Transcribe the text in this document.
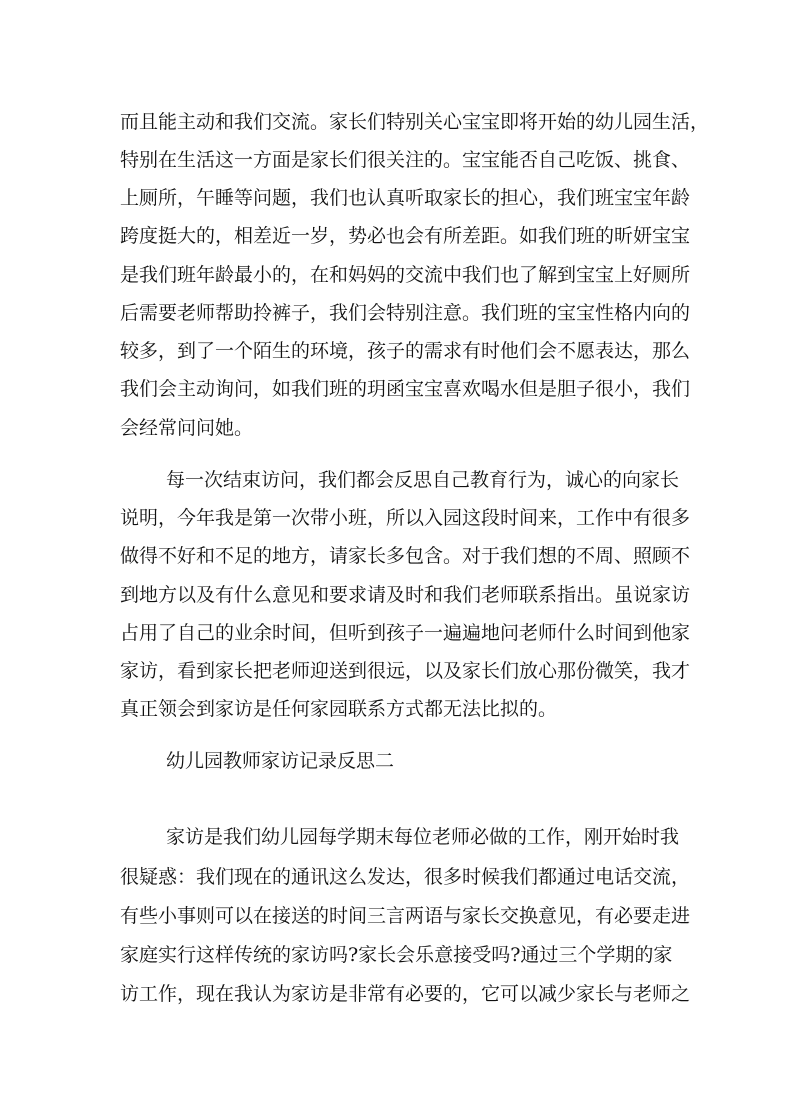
而且能主动和我们交流。家长们特别关心宝宝即将开始的幼儿园生活，
特别在生活这一方面是家长们很关注的。宝宝能否自己吃饭、挑食、
上厕所，午睡等问题，我们也认真听取家长的担心，我们班宝宝年龄
跨度挺大的，相差近一岁，势必也会有所差距。如我们班的昕妍宝宝
是我们班年龄最小的，在和妈妈的交流中我们也了解到宝宝上好厕所
后需要老师帮助拎裤子，我们会特别注意。我们班的宝宝性格内向的
较多，到了一个陌生的环境，孩子的需求有时他们会不愿表达，那么
我们会主动询问，如我们班的玥函宝宝喜欢喝水但是胆子很小，我们
会经常问问她。
每一次结束访问，我们都会反思自己教育行为，诚心的向家长
说明，今年我是第一次带小班，所以入园这段时间来，工作中有很多
做得不好和不足的地方，请家长多包含。对于我们想的不周、照顾不
到地方以及有什么意见和要求请及时和我们老师联系指出。虽说家访
占用了自己的业余时间，但听到孩子一遍遍地问老师什么时间到他家
家访，看到家长把老师迎送到很远，以及家长们放心那份微笑，我才
真正领会到家访是任何家园联系方式都无法比拟的。
幼儿园教师家访记录反思二
家访是我们幼儿园每学期末每位老师必做的工作，刚开始时我
很疑惑：我们现在的通讯这么发达，很多时候我们都通过电话交流，
有些小事则可以在接送的时间三言两语与家长交换意见，有必要走进
家庭实行这样传统的家访吗?家长会乐意接受吗?通过三个学期的家
访工作，现在我认为家访是非常有必要的，它可以减少家长与老师之
